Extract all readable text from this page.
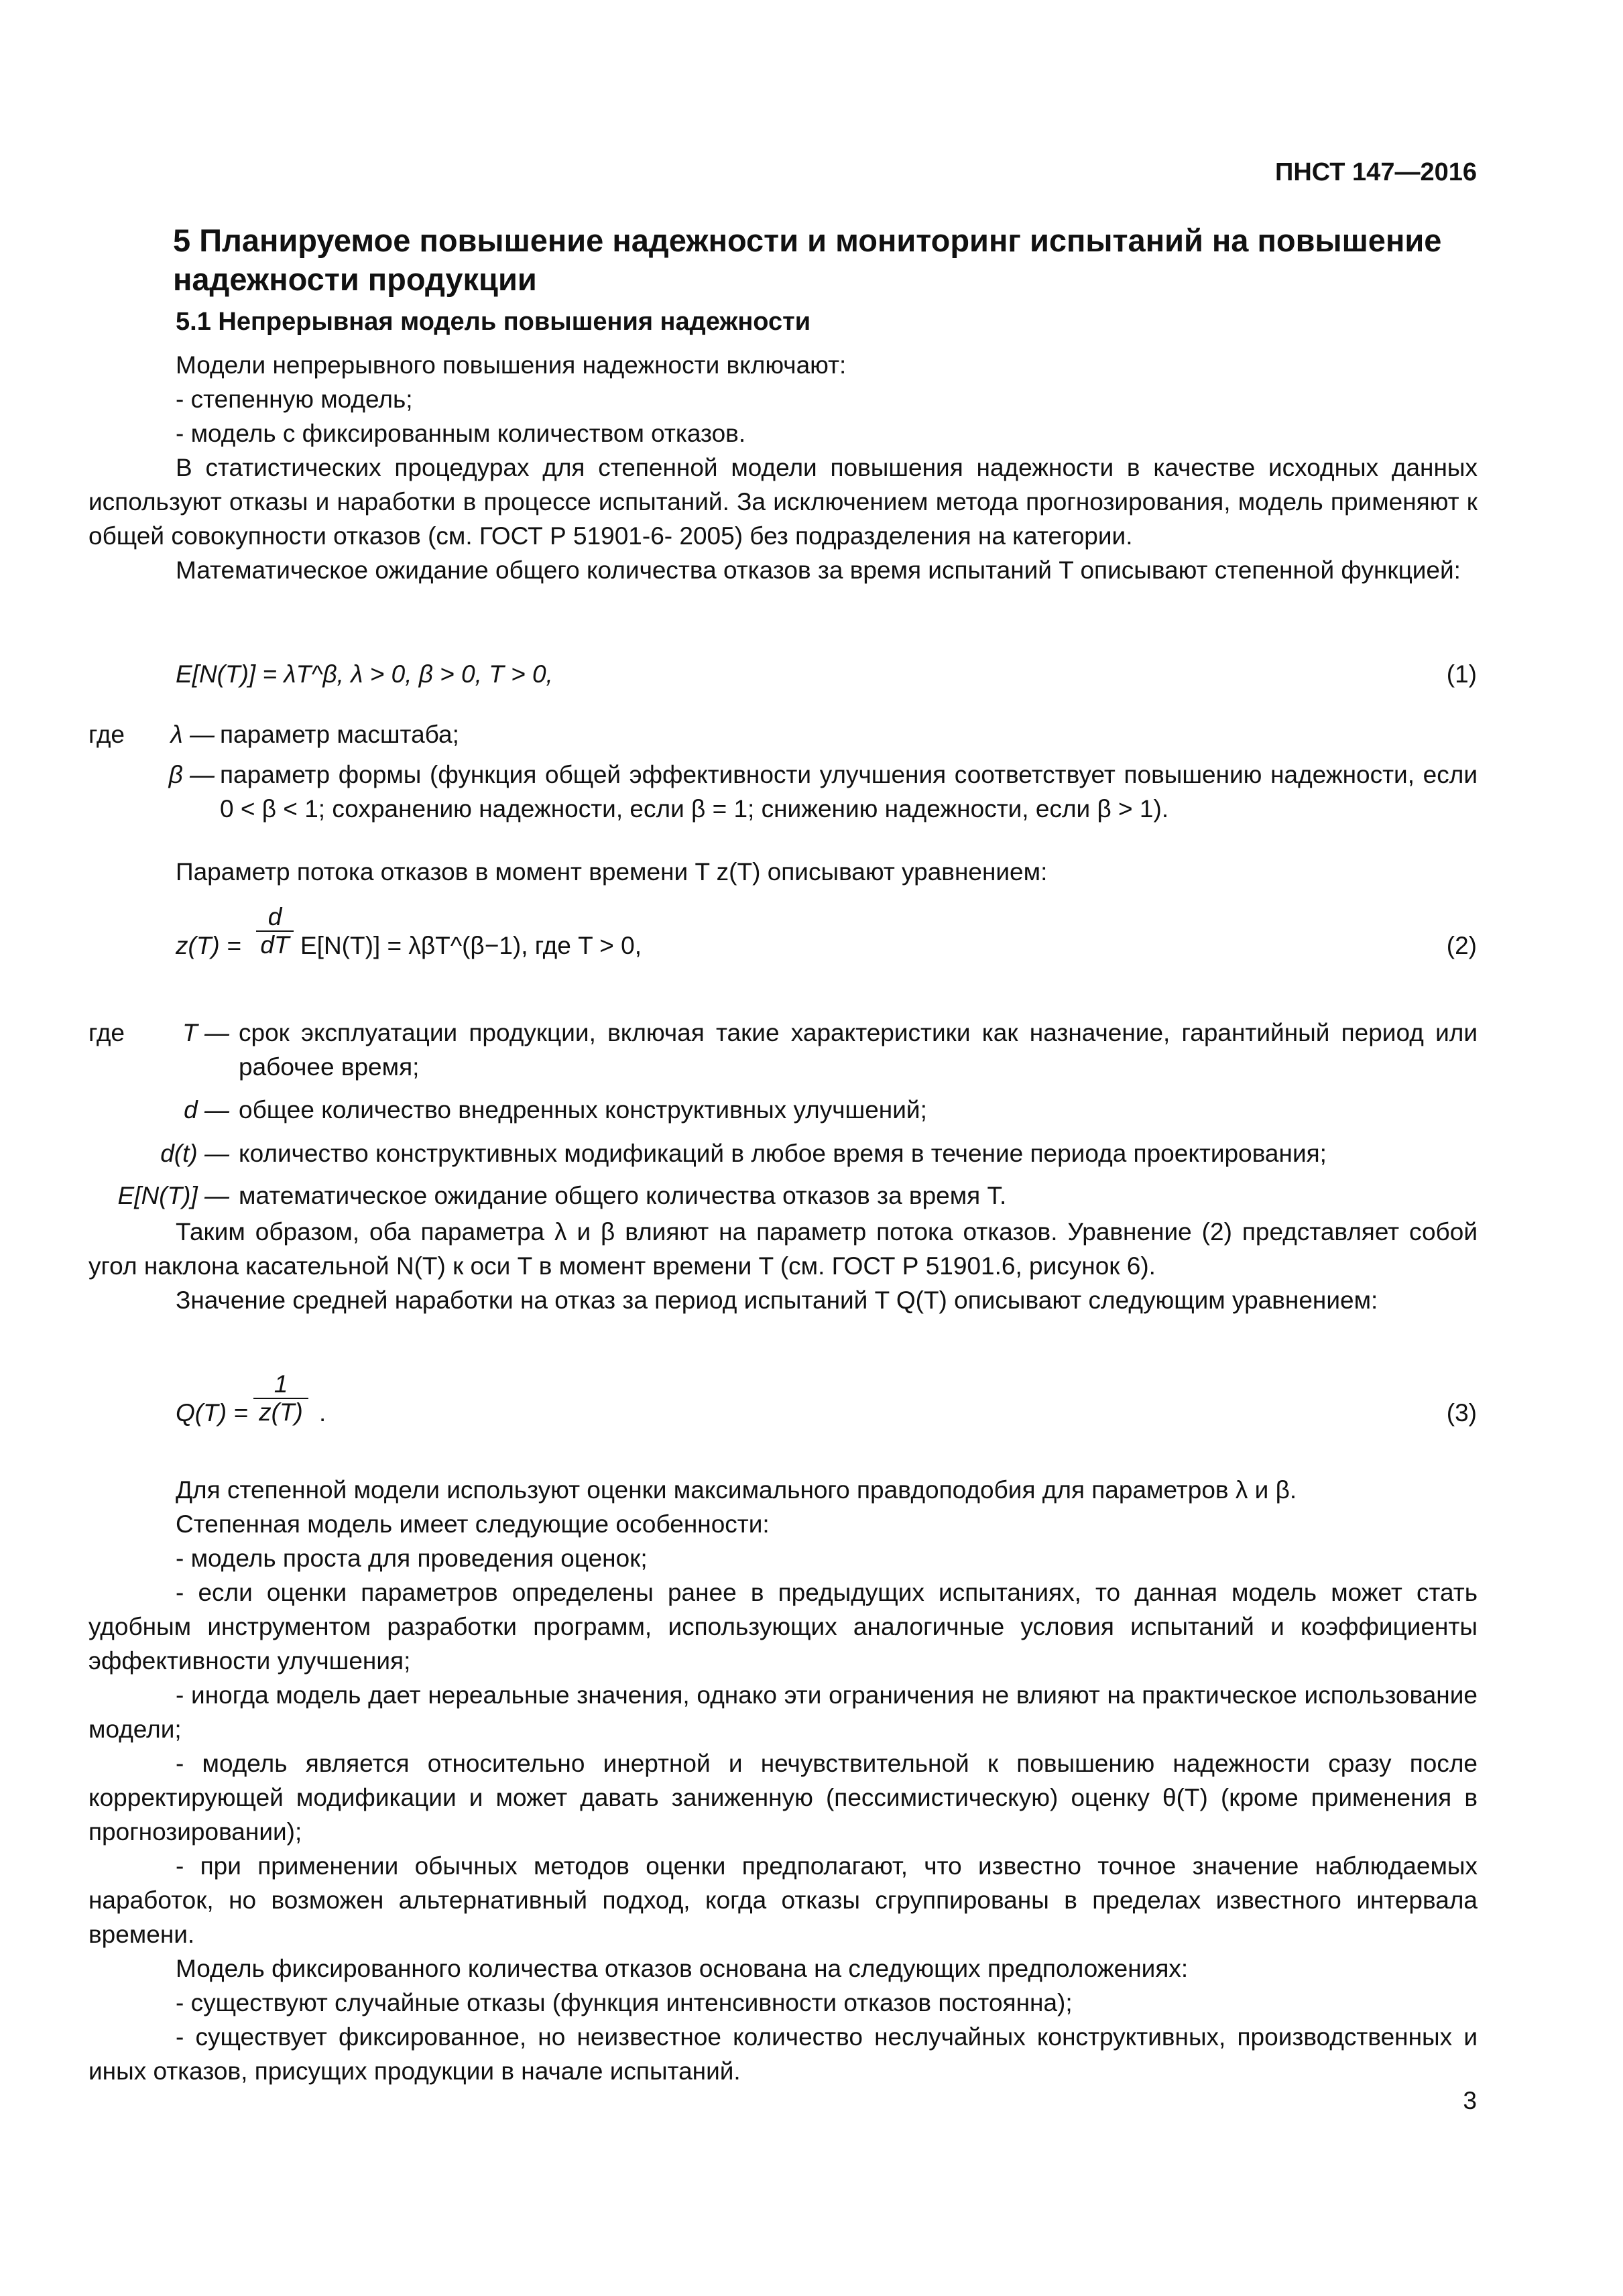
ПНСТ 147—2016
5 Планируемое повышение надежности и мониторинг испытаний на повышение надежности продукции
5.1 Непрерывная модель повышения надежности
Модели непрерывного повышения надежности включают:
- степенную модель;
- модель с фиксированным количеством отказов.
В статистических процедурах для степенной модели повышения надежности в качестве исходных данных используют отказы и наработки в процессе испытаний. За исключением метода прогнозирования, модель применяют к общей совокупности отказов (см. ГОСТ Р 51901-6- 2005) без подразделения на категории.
Математическое ожидание общего количества отказов за время испытаний T описывают степенной функцией:
E[N(T)] = λT^β, λ > 0, β > 0, T > 0,	(1)
где	λ — параметр масштаба;
β — параметр формы (функция общей эффективности улучшения соответствует повышению надежности, если 0 < β < 1; сохранению надежности, если β = 1; снижению надежности, если β > 1).
Параметр потока отказов в момент времени T z(T) описывают уравнением:
$z(T) = \frac{d}{dT} E[N(T)]$ = λβT^(β−1), где T > 0,	(2)
где	T — срок эксплуатации продукции, включая такие характеристики как назначение, гарантийный период или рабочее время;
d — общее количество внедренных конструктивных улучшений;
d(t) — количество конструктивных модификаций в любое время в течение периода проектирования;
E[N(T)] — математическое ожидание общего количества отказов за время T.
Таким образом, оба параметра λ и β влияют на параметр потока отказов. Уравнение (2) представляет собой угол наклона касательной N(T) к оси T в момент времени T (см. ГОСТ Р 51901.6, рисунок 6).
Значение средней наработки на отказ за период испытаний T Q(T) описывают следующим уравнением:
$Q(T) = \frac{1}{z(T)}$ .	(3)
Для степенной модели используют оценки максимального правдоподобия для параметров λ и β.
Степенная модель имеет следующие особенности:
- модель проста для проведения оценок;
- если оценки параметров определены ранее в предыдущих испытаниях, то данная модель может стать удобным инструментом разработки программ, использующих аналогичные условия испытаний и коэффициенты эффективности улучшения;
- иногда модель дает нереальные значения, однако эти ограничения не влияют на практическое использование модели;
- модель является относительно инертной и нечувствительной к повышению надежности сразу после корректирующей модификации и может давать заниженную (пессимистическую) оценку θ(T) (кроме применения в прогнозировании);
- при применении обычных методов оценки предполагают, что известно точное значение наблюдаемых наработок, но возможен альтернативный подход, когда отказы сгруппированы в пределах известного интервала времени.
Модель фиксированного количества отказов основана на следующих предположениях:
- существуют случайные отказы (функция интенсивности отказов постоянна);
- существует фиксированное, но неизвестное количество неслучайных конструктивных, производственных и иных отказов, присущих продукции в начале испытаний.
3
